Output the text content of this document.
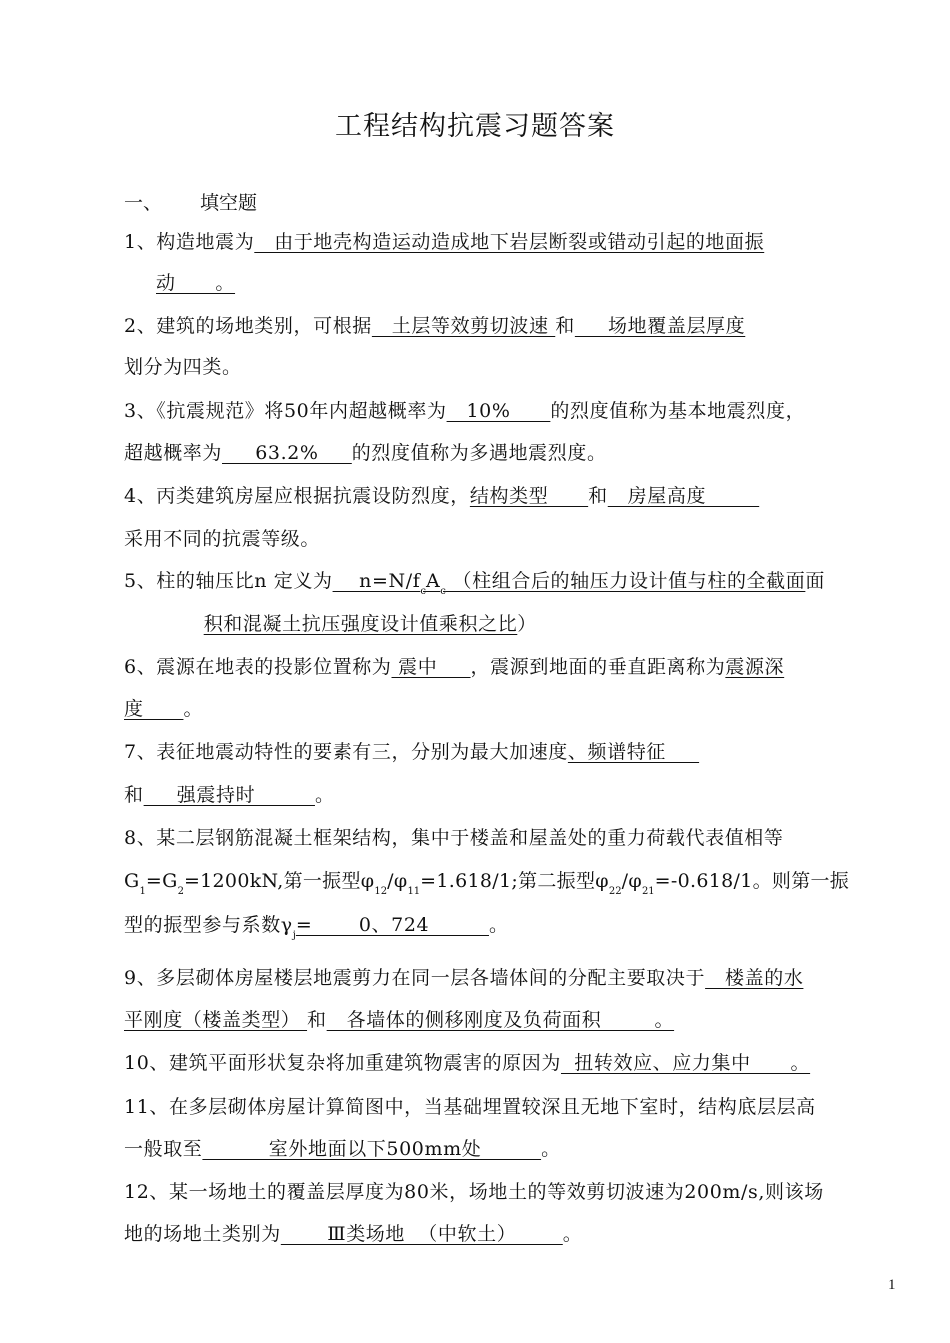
工程结构抗震习题答案
一、 填空题
1、构造地震为   由于地壳构造运动造成地下岩层断裂或错动引起的地面振
动      。
2、建筑的场地类别，可根据   土层等效剪切波速 和     场地覆盖层厚度
划分为四类。
3、《抗震规范》将50年内超越概率为   10%      的烈度值称为基本地震烈度，
超越概率为     63.2%     的烈度值称为多遇地震烈度。
4、丙类建筑房屋应根据抗震设防烈度，结构类型      和   房屋高度
采用不同的抗震等级。
5、柱的轴压比n 定义为    $n=N/f_cA_c$ （柱组合后的轴压力设计值与柱的全截面面
积和混凝土抗压强度设计值乘积之比）
6、震源在地表的投影位置称为 震中     ，震源到地面的垂直距离称为震源深
度      。
7、表征地震动特性的要素有三，分别为最大加速度、频谱特征
和     强震持时         。
8、某二层钢筋混凝土框架结构，集中于楼盖和屋盖处的重力荷载代表值相等
$G_1=G_2=1200kN$,第一振型$\varphi_{12}/\varphi_{11}=1.618/1$;第二振型$\varphi_{22}/\varphi_{21}=-0.618/1$。则第一振
型的振型参与系数$\gamma_j=$       0、724         。
9、多层砌体房屋楼层地震剪力在同一层各墙体间的分配主要取决于   楼盖的水
平刚度（楼盖类型） 和   各墙体的侧移刚度及负荷面积        。
10、建筑平面形状复杂将加重建筑物震害的原因为  扭转效应、应力集中      。
11、在多层砌体房屋计算简图中，当基础埋置较深且无地下室时，结构底层层高
一般取至          室外地面以下500mm处         。
12、某一场地土的覆盖层厚度为80米，场地土的等效剪切波速为200m/s,则该场
地的场地土类别为       Ⅲ类场地  （中软土）       。
1
